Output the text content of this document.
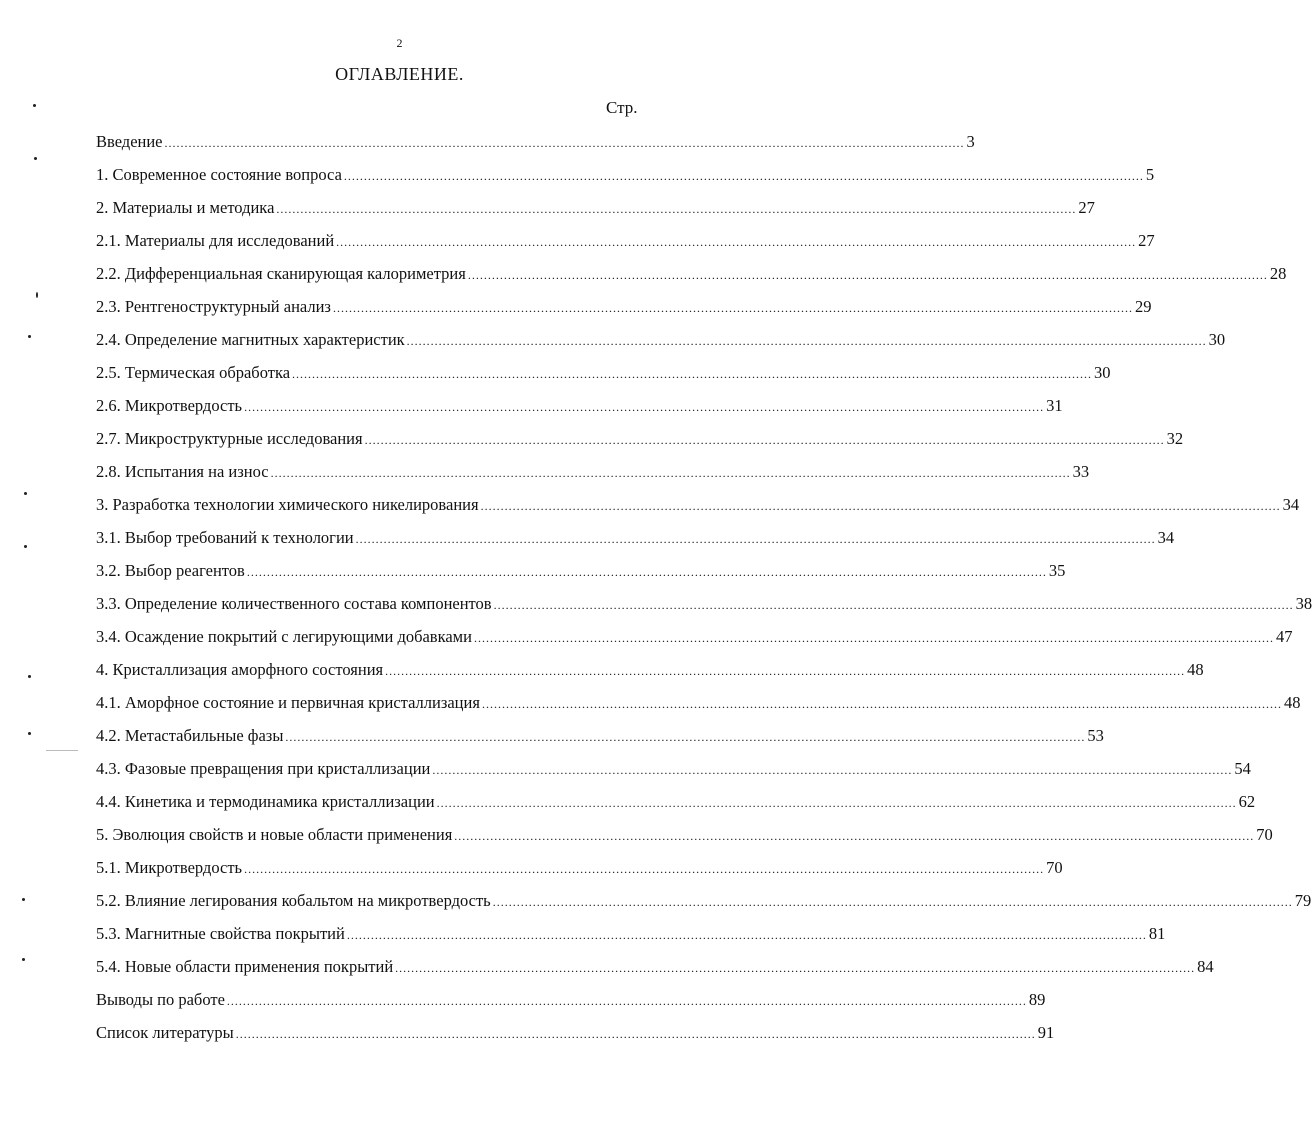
2
ОГЛАВЛЕНИЕ.
Стр.
Введение ........................................................................................................................................................................................................ 3
1. Современное состояние вопроса ........................................................................................................................................................................................................ 5
2. Материалы и методика ........................................................................................................................................................................................................ 27
2.1. Материалы для исследований ........................................................................................................................................................................................................ 27
2.2. Дифференциальная сканирующая калориметрия ........................................................................................................................................................................................................ 28
2.3. Рентгеноструктурный анализ ........................................................................................................................................................................................................ 29
2.4. Определение магнитных характеристик ........................................................................................................................................................................................................ 30
2.5. Термическая обработка ........................................................................................................................................................................................................ 30
2.6. Микротвердость ........................................................................................................................................................................................................ 31
2.7. Микроструктурные исследования ........................................................................................................................................................................................................ 32
2.8. Испытания на износ ........................................................................................................................................................................................................ 33
3. Разработка технологии химического никелирования ........................................................................................................................................................................................................ 34
3.1. Выбор требований к технологии ........................................................................................................................................................................................................ 34
3.2. Выбор реагентов ........................................................................................................................................................................................................ 35
3.3. Определение количественного состава компонентов ........................................................................................................................................................................................................ 38
3.4. Осаждение покрытий с легирующими добавками ........................................................................................................................................................................................................ 47
4. Кристаллизация аморфного состояния ........................................................................................................................................................................................................ 48
4.1. Аморфное состояние и первичная кристаллизация ........................................................................................................................................................................................................ 48
4.2. Метастабильные фазы ........................................................................................................................................................................................................ 53
4.3. Фазовые превращения при кристаллизации ........................................................................................................................................................................................................ 54
4.4. Кинетика и термодинамика кристаллизации ........................................................................................................................................................................................................ 62
5. Эволюция свойств и новые области применения ........................................................................................................................................................................................................ 70
5.1. Микротвердость ........................................................................................................................................................................................................ 70
5.2. Влияние легирования кобальтом на микротвердость ........................................................................................................................................................................................................ 79
5.3. Магнитные свойства покрытий ........................................................................................................................................................................................................ 81
5.4. Новые области применения покрытий ........................................................................................................................................................................................................ 84
Выводы по работе ........................................................................................................................................................................................................ 89
Список литературы ........................................................................................................................................................................................................ 91
